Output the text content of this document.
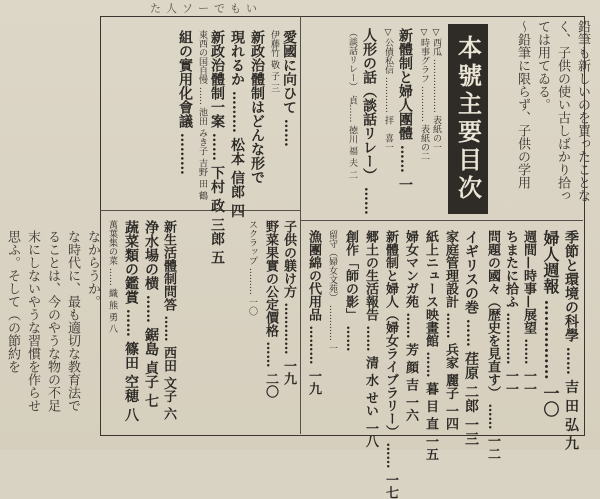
た人ソーでもい
鉛筆も新しいのを買ったことな
く、子供の使い古しばかり拾っ
ては用てゐる。
〜鉛筆に限らず、子供の学用
思ふ。そして（の節約を 末にしないやうな習慣を作らせ ることは、今のやうな物の不足 な時代に、最も適切な教育法で なからうか。
本號主要目次
▽西瓜 ……………… 表紙の一
▽時事グラフ ………… 表紙の二
新體制と婦人團體 …… 一
▽公債私信 ………… 拝　喜一
人形の話（談話リレー） ……
（談話リレー）　貞…… 徳川 福 夫 二
季節と環境の科學 …… 吉 田 弘 九
婦人週報 …………… 一〇
週間—時事—展望 …… 一一
ちまたに拾ふ ………… 一一
問題の國々（歴史を見直す） …… 一二
イギリスの巻 …… 荏原 二郎 一三
家庭管理設計 …… 兵家 麗子 一四
紙上ニュース映畫館 …… 暮 目 直 一五
婦女マンガ苑 …… 芳 顔 吉 一六
新體制と婦人（婦女ライブラリー） …… 一七
郷土の生活報告 …… 清 水 せい 一八
創作「師の影」 ……
留守（婦女文苑） ………… 一
漁團綿の代用品 ……… 一九
愛國に向ひて ……
伊藤竹 敬 子 三
新政治體制はどんな形で
現れるか ……… 松本 信郎 四
新政治體制一案 …… 下村 政 三郎 五
東西の国自慢 …… 池田 みき子 吉野 田 鶴
組の實用化會議 ………
子供の躾け方 ………… 一九
野菜果實の公定價格 …… 二〇
スクラップ ……… 一〇
新生活體制問答 …… 西田 文子 六
浄水場の横 …… 鋸島 貞子 七
蔬菜類の鑑賞 …… 篠田 空穂 八
萬葉集の菜 …… 織 熊 勇 八
